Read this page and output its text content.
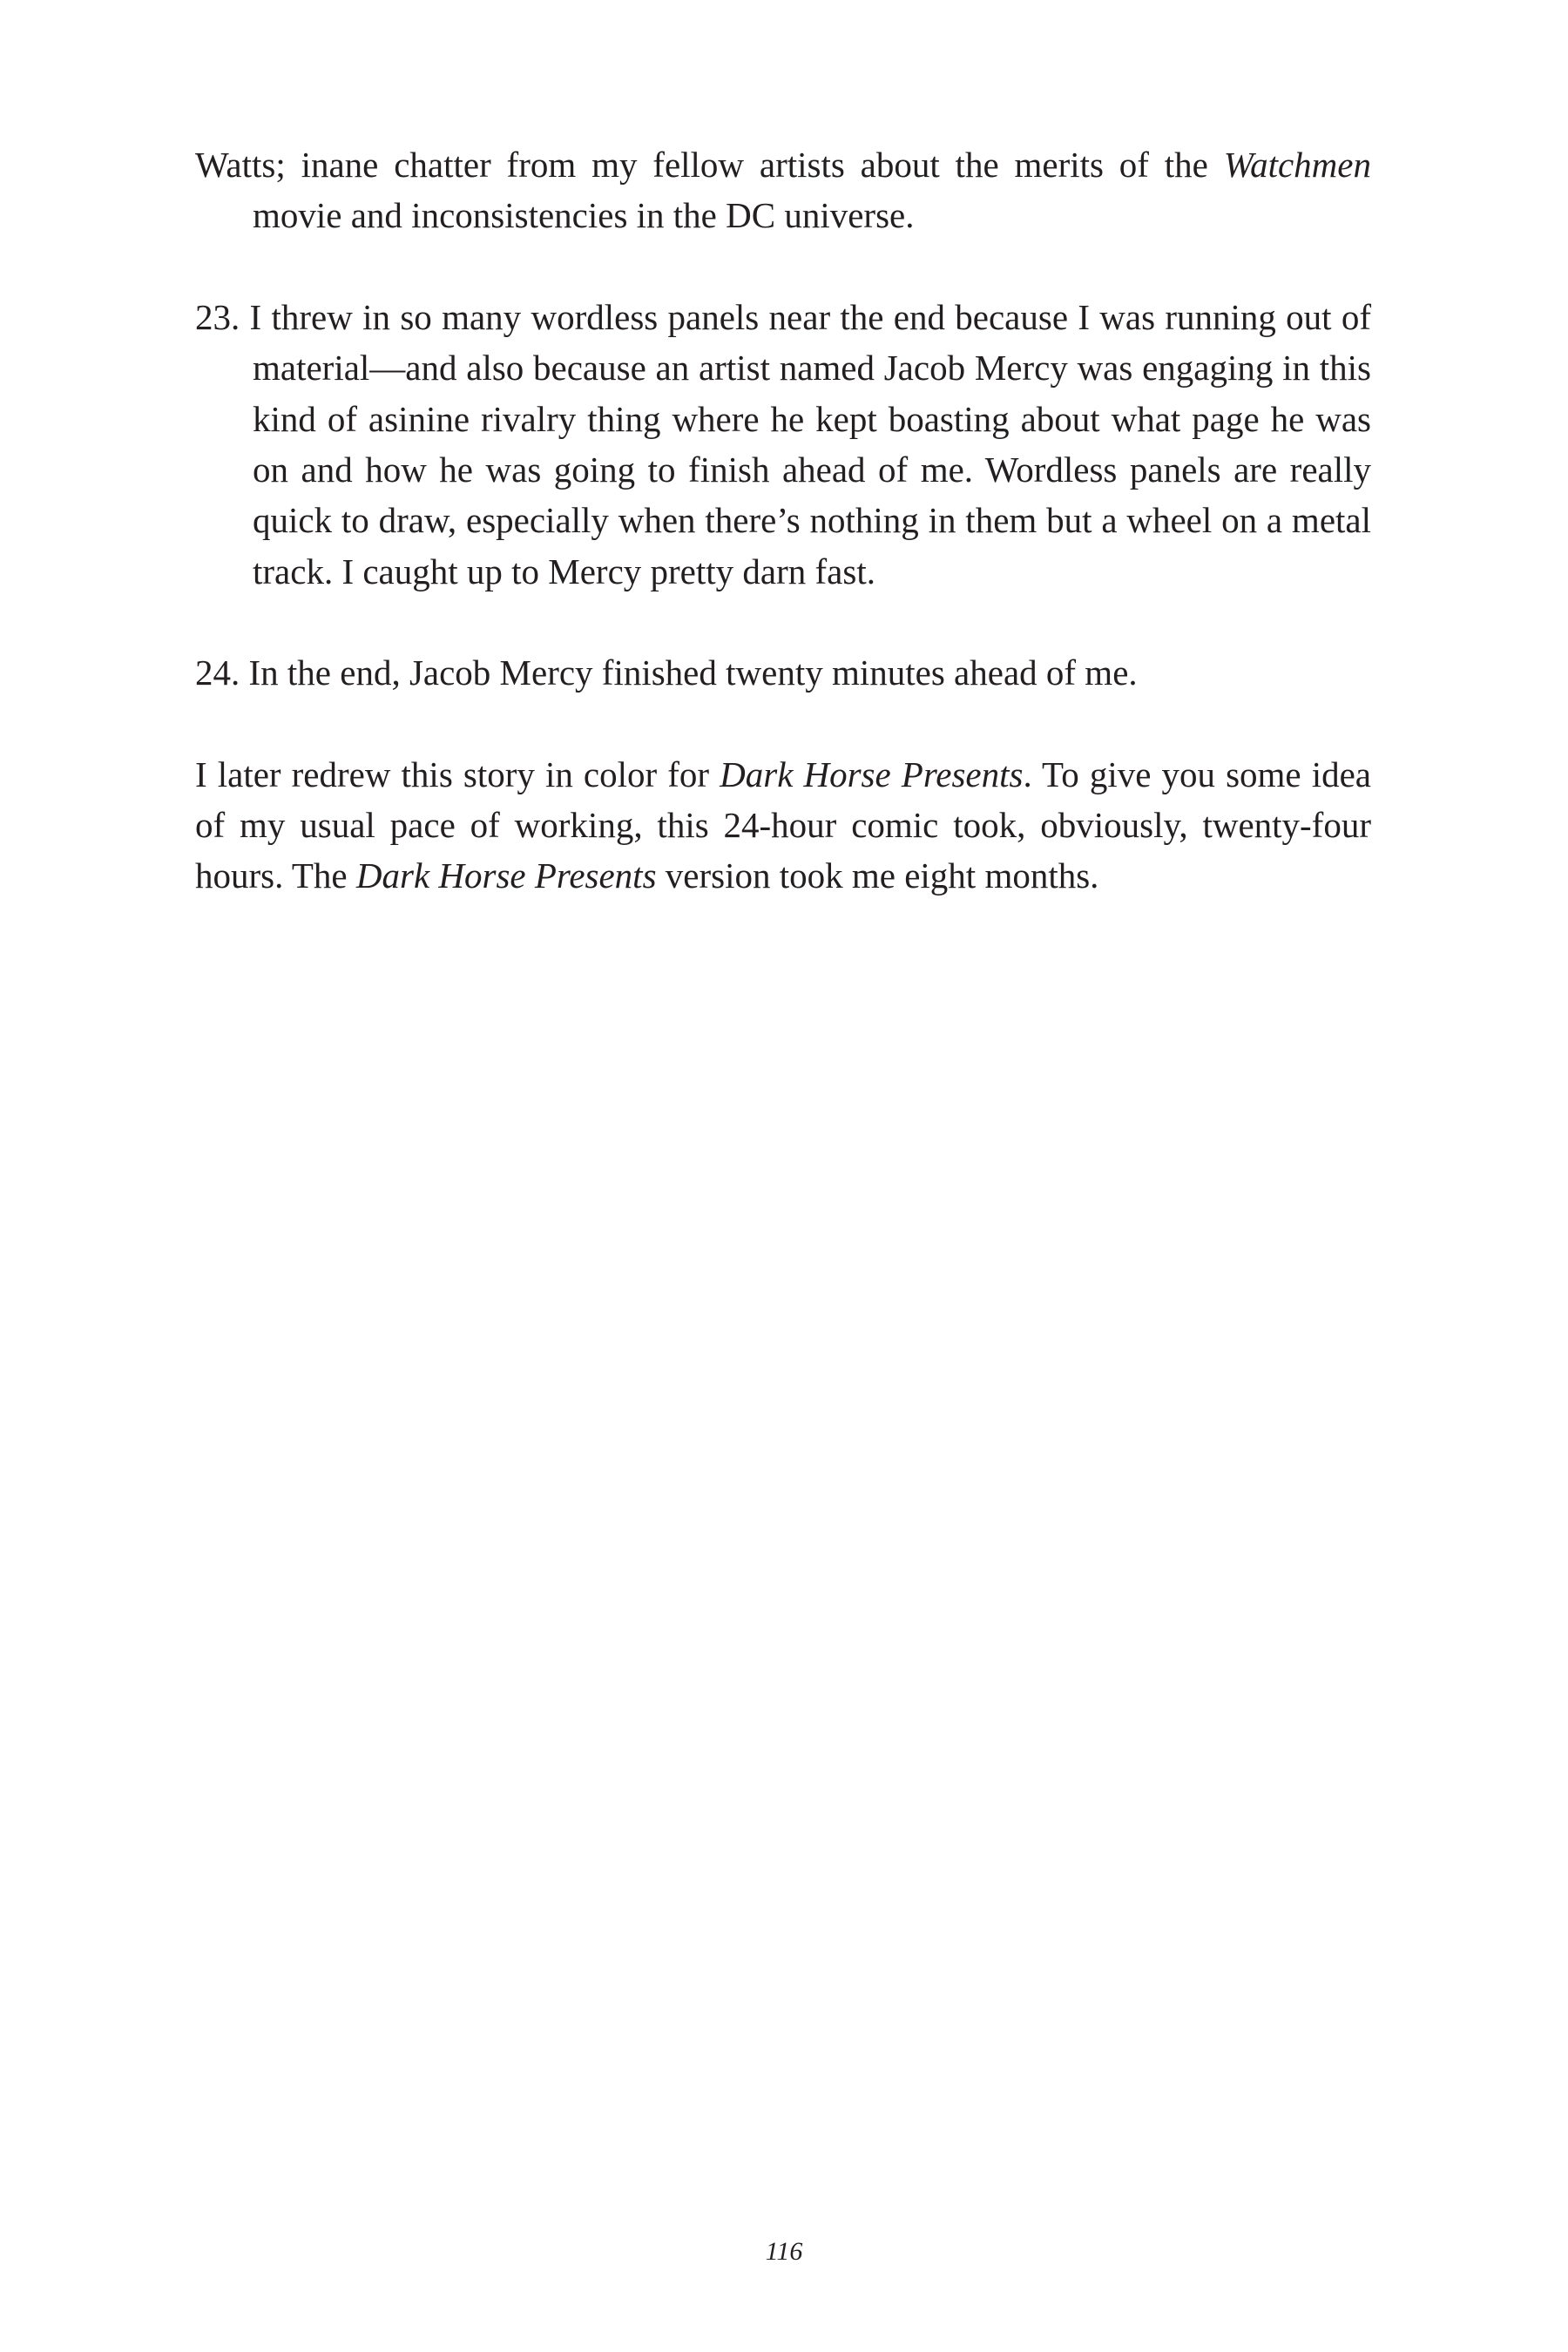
Watts; inane chatter from my fellow artists about the merits of the Watchmen movie and inconsistencies in the DC universe.

23. I threw in so many wordless panels near the end because I was running out of material—and also because an artist named Jacob Mercy was engaging in this kind of asinine rivalry thing where he kept boasting about what page he was on and how he was going to finish ahead of me. Wordless panels are really quick to draw, especially when there’s nothing in them but a wheel on a metal track. I caught up to Mercy pretty darn fast.

24. In the end, Jacob Mercy finished twenty minutes ahead of me.

I later redrew this story in color for Dark Horse Presents. To give you some idea of my usual pace of working, this 24-hour comic took, obviously, twenty-four hours. The Dark Horse Presents version took me eight months.

116
